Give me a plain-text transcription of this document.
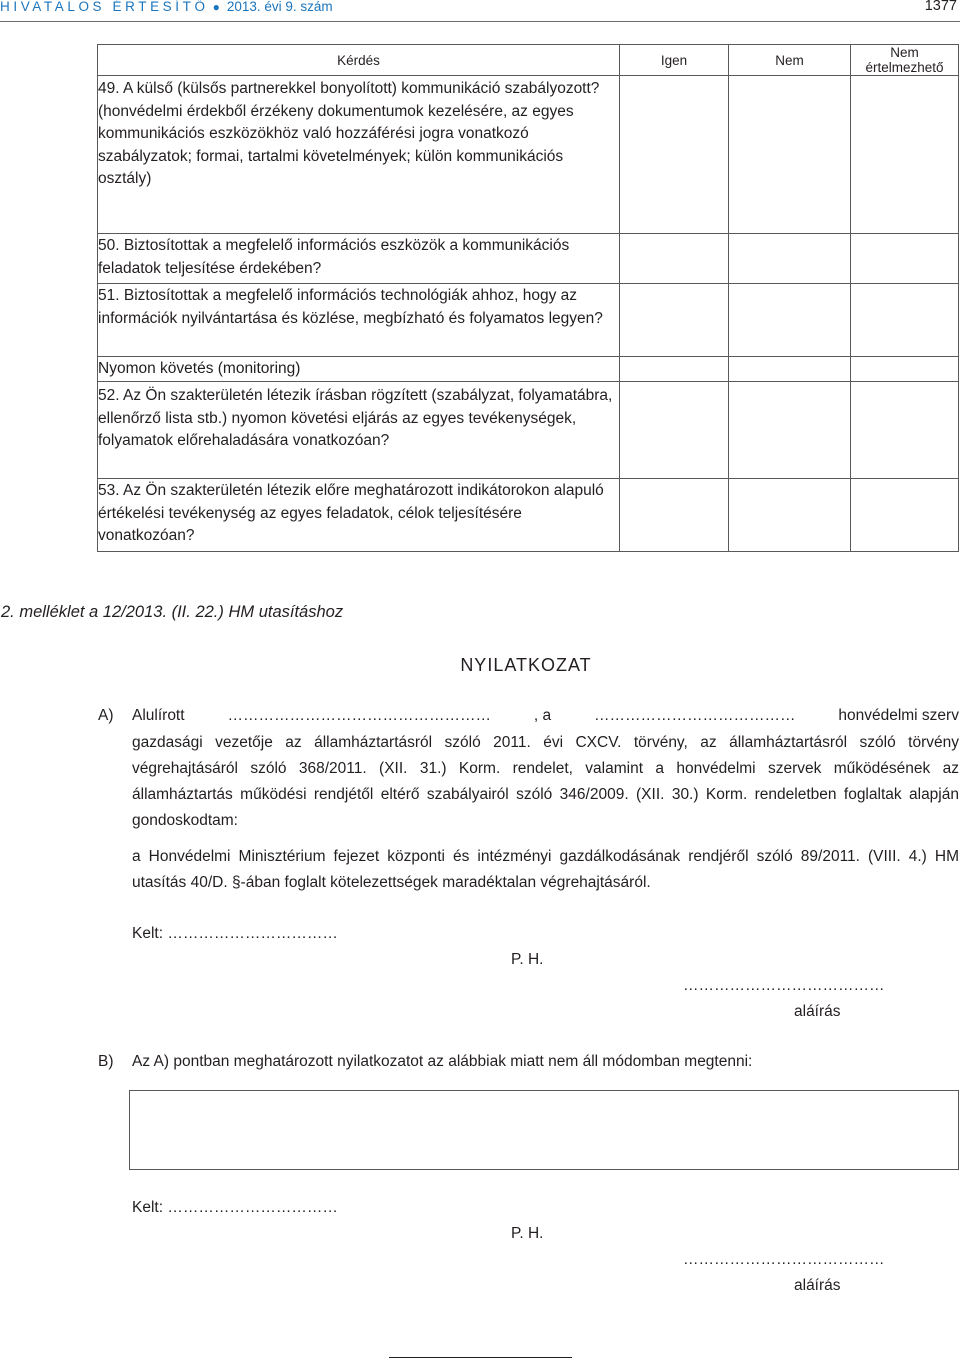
HIVATALOS ÉRTESÍTŐ ● 2013. évi 9. szám	1377
Kérdés	Igen	Nem	Nem értelmezhető
49. A külső (külsős partnerekkel bonyolított) kommunikáció szabályozott? (honvédelmi érdekből érzékeny dokumentumok kezelésére, az egyes kommunikációs eszközökhöz való hozzáférési jogra vonatkozó szabályzatok; formai, tartalmi követelmények; külön kommunikációs osztály)			
50. Biztosítottak a megfelelő információs eszközök a kommunikációs feladatok teljesítése érdekében?			
51. Biztosítottak a megfelelő információs technológiák ahhoz, hogy az információk nyilvántartása és közlése, megbízható és folyamatos legyen?			
Nyomon követés (monitoring)			
52. Az Ön szakterületén létezik írásban rögzített (szabályzat, folyamatábra, ellenőrző lista stb.) nyomon követési eljárás az egyes tevékenységek, folyamatok előrehaladására vonatkozóan?			
53. Az Ön szakterületén létezik előre meghatározott indikátorokon alapuló értékelési tevékenység az egyes feladatok, célok teljesítésére vonatkozóan?			
2. melléklet a 12/2013. (II. 22.) HM utasításhoz
NYILATKOZAT
A) Alulírott	……………………………………………	, a	…………………………………	honvédelmi szerv
gazdasági vezetője az államháztartásról szóló 2011. évi CXCV. törvény, az államháztartásról szóló törvény végrehajtásáról szóló 368/2011. (XII. 31.) Korm. rendelet, valamint a honvédelmi szervek működésének az államháztartás működési rendjétől eltérő szabályairól szóló 346/2009. (XII. 30.) Korm. rendeletben foglaltak alapján gondoskodtam:
a Honvédelmi Minisztérium fejezet központi és intézményi gazdálkodásának rendjéről szóló 89/2011. (VIII. 4.) HM utasítás 40/D. §-ában foglalt kötelezettségek maradéktalan végrehajtásáról.
Kelt: ……………………………
P. H.
…………………………………
aláírás
B) Az A) pontban meghatározott nyilatkozatot az alábbiak miatt nem áll módomban megtenni:
Kelt: ……………………………
P. H.
…………………………………
aláírás
